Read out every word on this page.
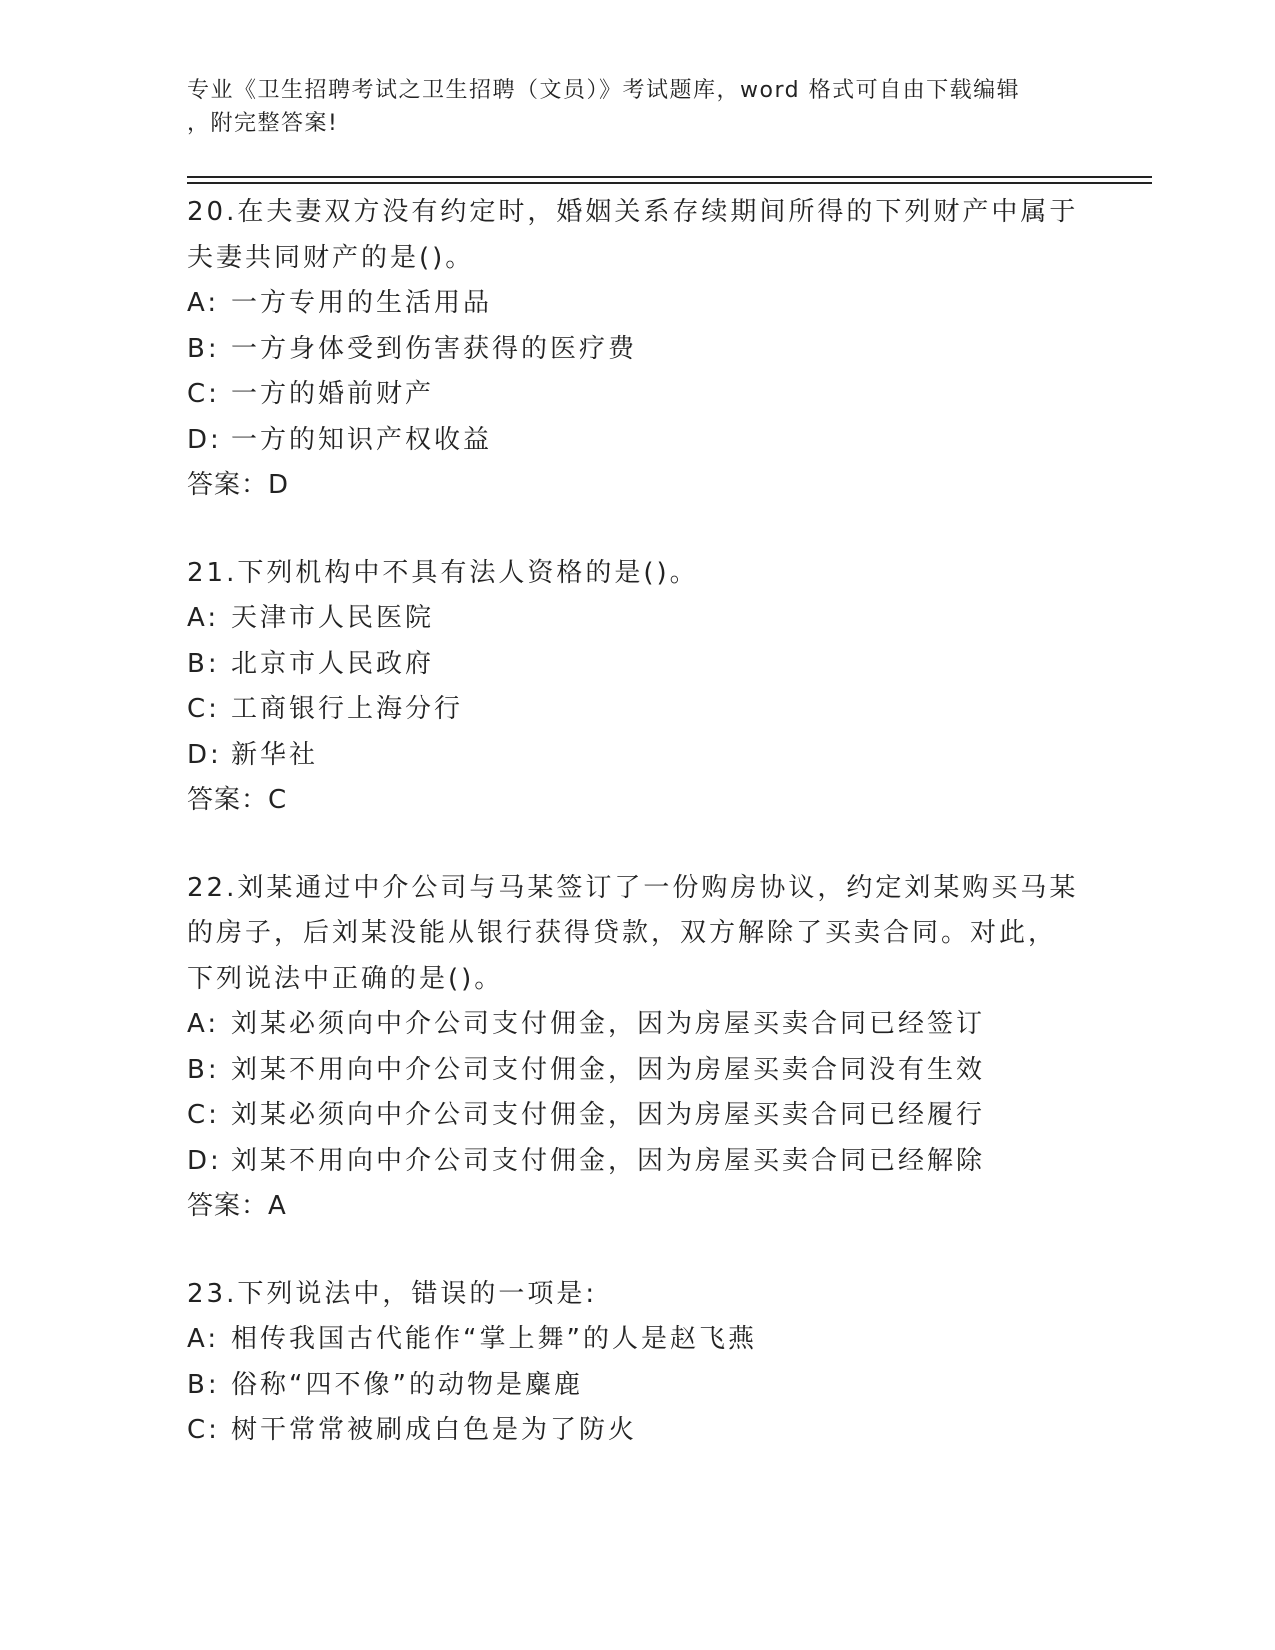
专业《卫生招聘考试之卫生招聘（文员）》考试题库，word 格式可自由下载编辑
，附完整答案!
20.在夫妻双方没有约定时，婚姻关系存续期间所得的下列财产中属于
夫妻共同财产的是()。
A: 一方专用的生活用品
B: 一方身体受到伤害获得的医疗费
C: 一方的婚前财产
D: 一方的知识产权收益
答案：D
21.下列机构中不具有法人资格的是()。
A: 天津市人民医院
B: 北京市人民政府
C: 工商银行上海分行
D: 新华社
答案：C
22.刘某通过中介公司与马某签订了一份购房协议，约定刘某购买马某
的房子，后刘某没能从银行获得贷款，双方解除了买卖合同。对此，
下列说法中正确的是()。
A: 刘某必须向中介公司支付佣金，因为房屋买卖合同已经签订
B: 刘某不用向中介公司支付佣金，因为房屋买卖合同没有生效
C: 刘某必须向中介公司支付佣金，因为房屋买卖合同已经履行
D: 刘某不用向中介公司支付佣金，因为房屋买卖合同已经解除
答案：A
23.下列说法中，错误的一项是:
A: 相传我国古代能作“掌上舞”的人是赵飞燕
B: 俗称“四不像”的动物是麋鹿
C: 树干常常被刷成白色是为了防火
